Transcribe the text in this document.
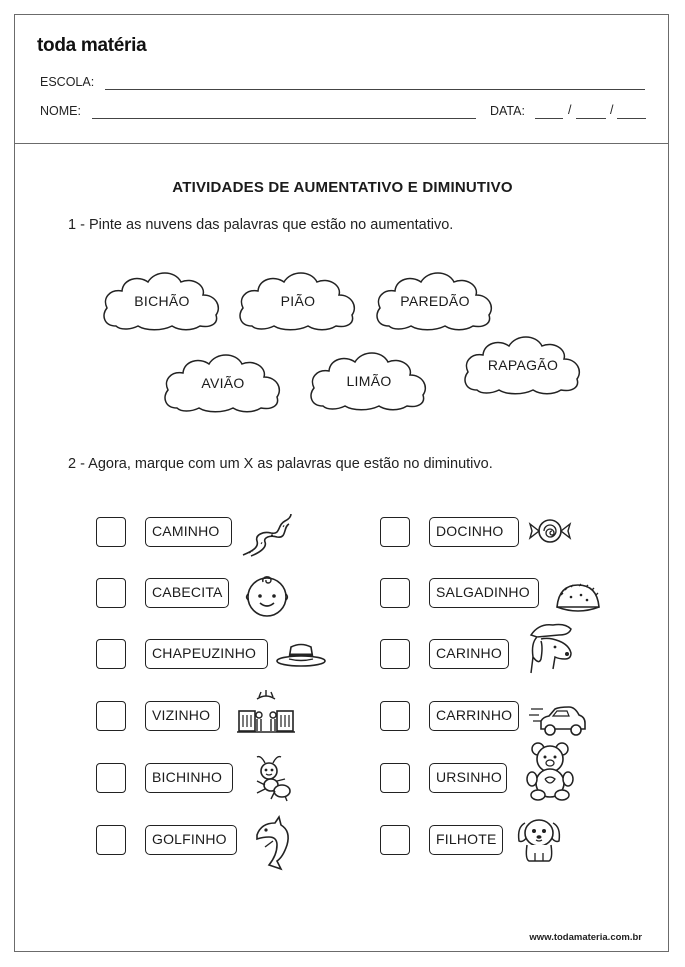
toda matéria
ESCOLA:
NOME:	DATA:	/	/
ATIVIDADES DE AUMENTATIVO E DIMINUTIVO
1 - Pinte as nuvens das palavras que estão no aumentativo.
BICHÃO	PIÃO	PAREDÃO
AVIÃO	LIMÃO
RAPAGÃO
2 - Agora, marque com um X as palavras que estão no diminutivo.
CAMINHO
CABECITA
CHAPEUZINHO
VIZINHO
BICHINHO
GOLFINHO
DOCINHO
SALGADINHO
CARINHO
CARRINHO
URSINHO
FILHOTE
www.todamateria.com.br
